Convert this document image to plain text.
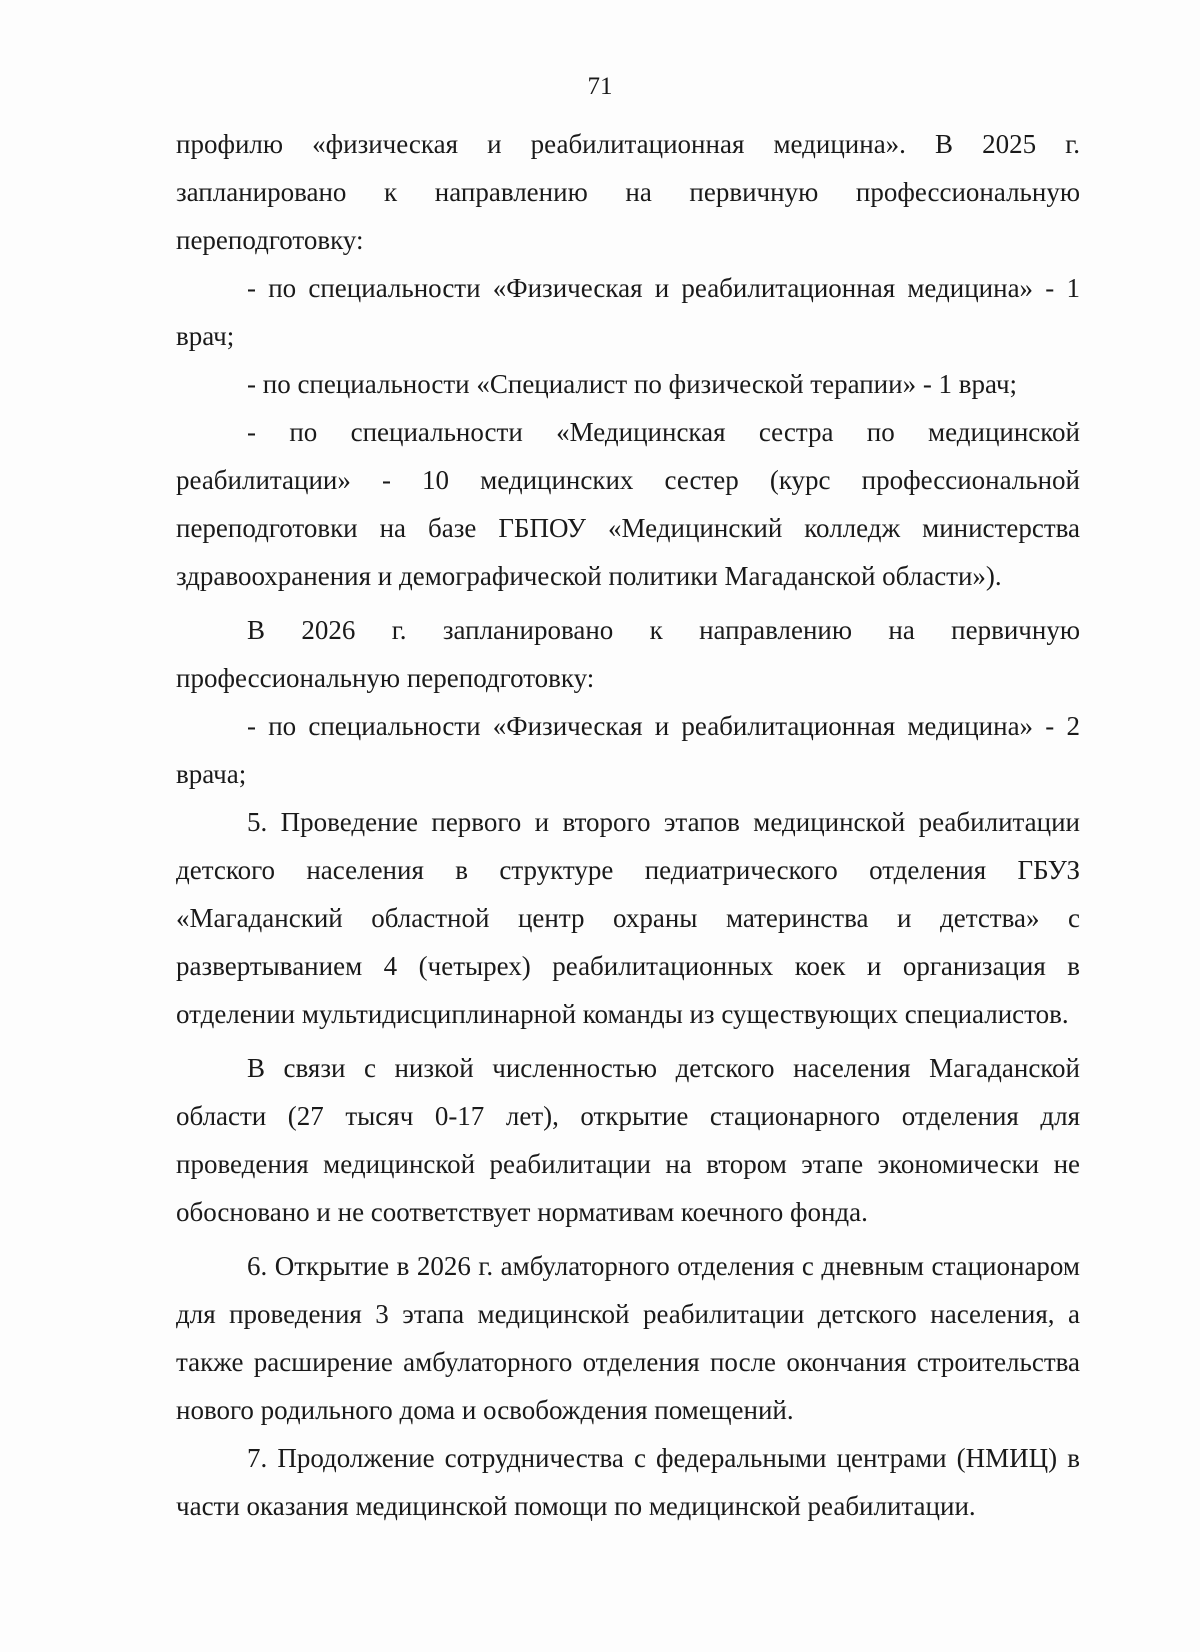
71

профилю «физическая и реабилитационная медицина». В 2025 г. запланировано к направлению на первичную профессиональную переподготовку:

- по специальности «Физическая и реабилитационная медицина» - 1 врач;

- по специальности «Специалист по физической терапии» - 1 врач;

- по специальности «Медицинская сестра по медицинской реабилитации» - 10 медицинских сестер (курс профессиональной переподготовки на базе ГБПОУ «Медицинский колледж министерства здравоохранения и демографической политики Магаданской области»).

В 2026 г. запланировано к направлению на первичную профессиональную переподготовку:

- по специальности «Физическая и реабилитационная медицина» - 2 врача;

5. Проведение первого и второго этапов медицинской реабилитации детского населения в структуре педиатрического отделения ГБУЗ «Магаданский областной центр охраны материнства и детства» с развертыванием 4 (четырех) реабилитационных коек и организация в отделении мультидисциплинарной команды из существующих специалистов.

В связи с низкой численностью детского населения Магаданской области (27 тысяч 0-17 лет), открытие стационарного отделения для проведения медицинской реабилитации на втором этапе экономически не обосновано и не соответствует нормативам коечного фонда.

6. Открытие в 2026 г. амбулаторного отделения с дневным стационаром для проведения 3 этапа медицинской реабилитации детского населения, а также расширение амбулаторного отделения после окончания строительства нового родильного дома и освобождения помещений.

7. Продолжение сотрудничества с федеральными центрами (НМИЦ) в части оказания медицинской помощи по медицинской реабилитации.
